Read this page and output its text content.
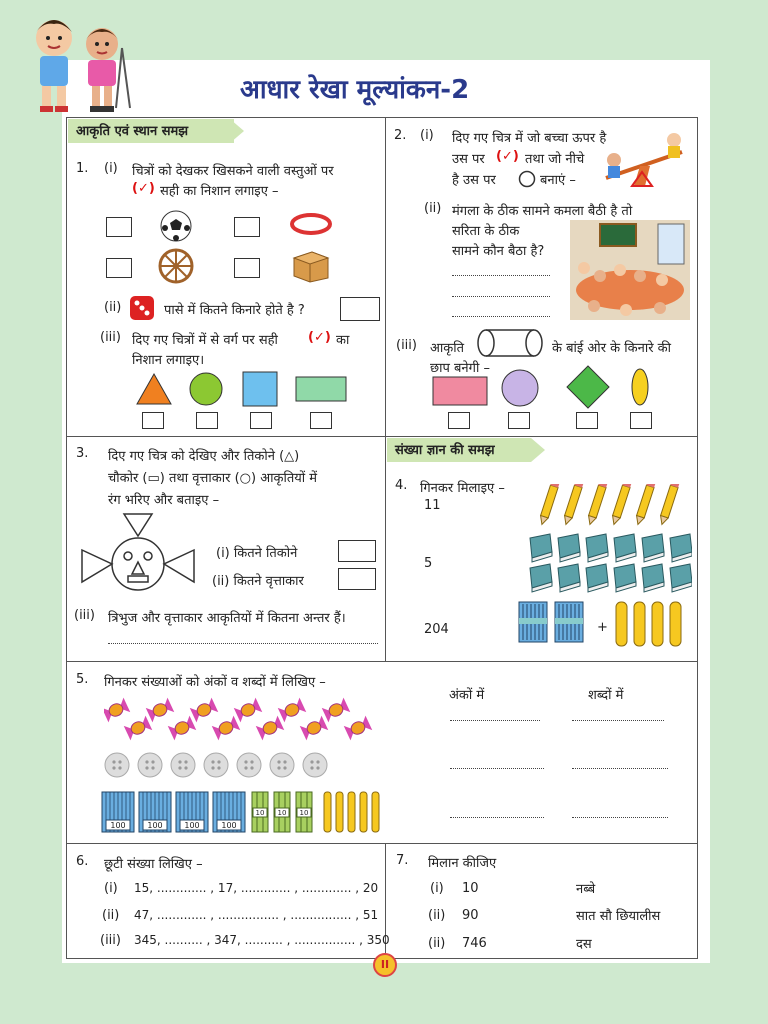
आधार रेखा मूल्यांकन-2
आकृति एवं स्थान समझ
संख्या ज्ञान की समझ
1. (i) चित्रों को देखकर खिसकने वाली वस्तुओं पर
(✓) सही का निशान लगाइए –
(ii)	पासे में कितने किनारे होते है ?
(iii) दिए गए चित्रों में से वर्ग पर सही (✓) का
निशान लगाइए।
2. (i) दिए गए चित्र में जो बच्चा ऊपर है
उस पर (✓) तथा जो नीचे
है उस पर	बनाएं –
(ii) मंगला के ठीक सामने कमला बैठी है तो
सरिता के ठीक
सामने कौन बैठा है?
(iii) आकृति	के बांई ओर के किनारे की
छाप बनेगी –
3. दिए गए चित्र को देखिए और तिकोने (△)
चौकोर (▭) तथा वृत्ताकार (○) आकृतियों में
रंग भरिए और बताइए –
(i) कितने तिकोने
(ii) कितने वृत्ताकार
(iii) त्रिभुज और वृत्ताकार आकृतियों में कितना अन्तर हैं।
4. गिनकर मिलाइए –
11
5
204	+
5. गिनकर संख्याओं को अंकों व शब्दों में लिखिए –
अंकों में	शब्दों में
100	100	100	100
10 10 10
6. छूटी संख्या लिखिए –
(i) 15, ............. , 17, ............. , ............. , 20
(ii) 47, ............. , ................ , ................ , 51
(iii) 345, .......... , 347, .......... , ................ , 350
7. मिलान कीजिए
(i) 10	नब्बे
(ii) 90	सात सौ छियालीस
(ii) 746	दस
II
